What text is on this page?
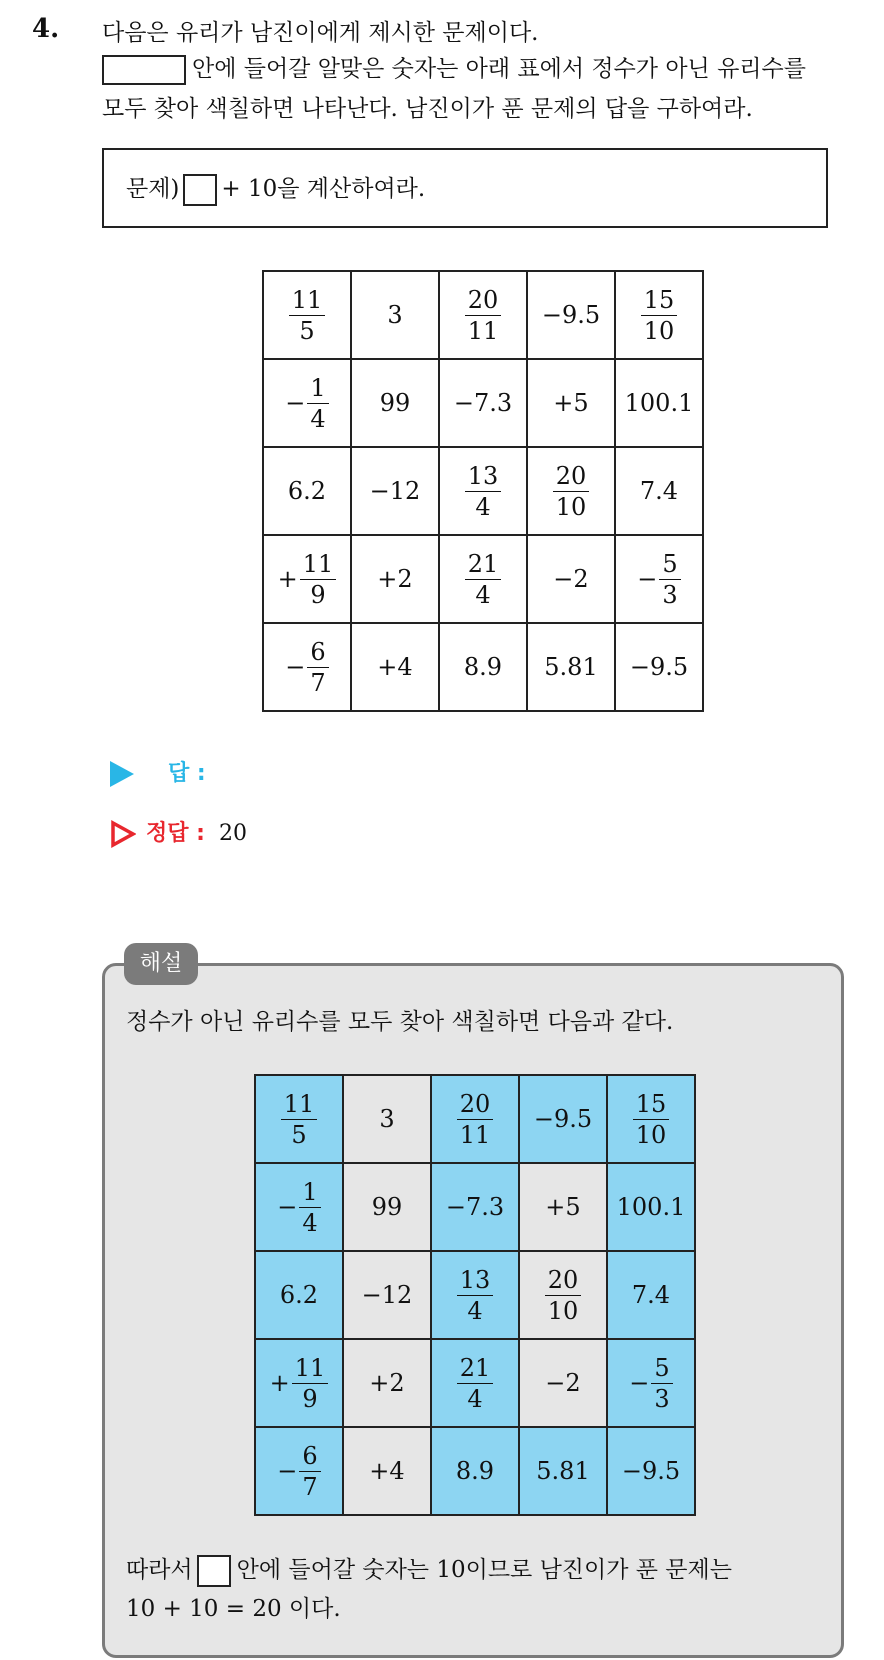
4. 다음은 유리가 남진이에게 제시한 문제이다.
안에 들어갈 알맞은 숫자는 아래 표에서 정수가 아닌 유리수를
모두 찾아 색칠하면 나타난다. 남진이가 푼 문제의 답을 구하여라.
문제) + 10을 계산하여라.
$\frac{11}{5}$	3	$\frac{20}{11}$	−9.5	$\frac{15}{10}$

− $\frac{1}{4}$	99	−7.3	+5	100.1
6.2	−12	$\frac{13}{4}$	$\frac{20}{10}$	7.4
+ $\frac{11}{9}$	+2	$\frac{21}{4}$	−2	− $\frac{5}{3}$

− $\frac{6}{7}$	+4	8.9	5.81	−9.5
답 :
정답 : 20
해설
정수가 아닌 유리수를 모두 찾아 색칠하면 다음과 같다.
$\frac{11}{5}$	3	$\frac{20}{11}$	−9.5	$\frac{15}{10}$

− $\frac{1}{4}$	99	−7.3	+5	100.1
6.2	−12	$\frac{13}{4}$	$\frac{20}{10}$	7.4
+ $\frac{11}{9}$	+2	$\frac{21}{4}$	−2	− $\frac{5}{3}$

− $\frac{6}{7}$	+4	8.9	5.81	−9.5
따라서 안에 들어갈 숫자는 10이므로 남진이가 푼 문제는
10 + 10 = 20 이다.
